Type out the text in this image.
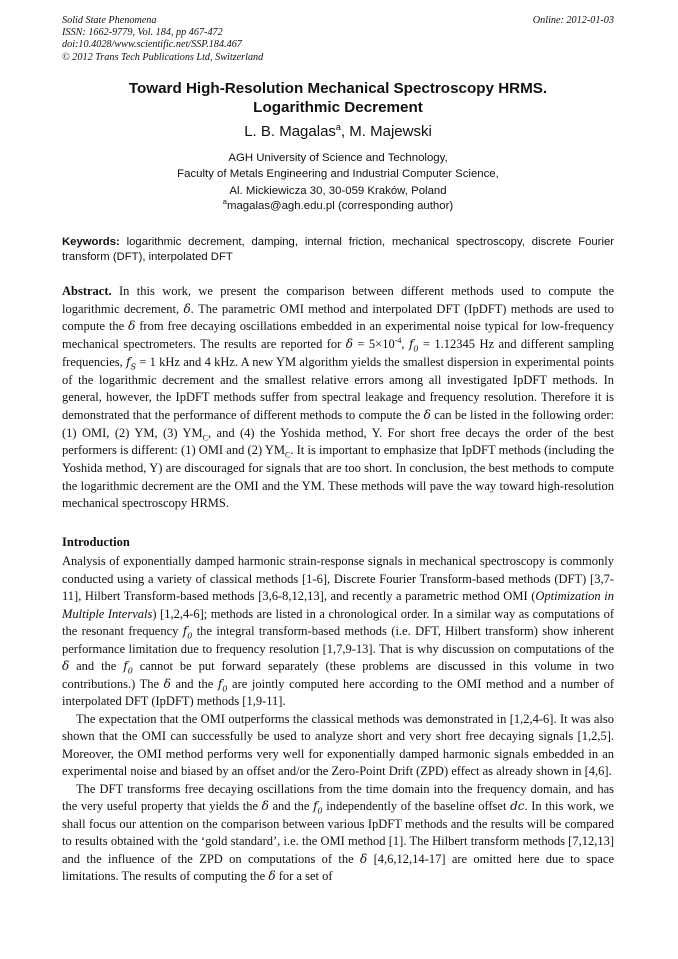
Solid State Phenomena
ISSN: 1662-9779, Vol. 184, pp 467-472
doi:10.4028/www.scientific.net/SSP.184.467
© 2012 Trans Tech Publications Ltd, Switzerland
Online: 2012-01-03
Toward High-Resolution Mechanical Spectroscopy HRMS.
Logarithmic Decrement
L. B. Magalas$^a$, M. Majewski
AGH University of Science and Technology,
Faculty of Metals Engineering and Industrial Computer Science,
Al. Mickiewicza 30, 30-059 Kraków, Poland
$^a$magalas@agh.edu.pl (corresponding author)
Keywords: logarithmic decrement, damping, internal friction, mechanical spectroscopy, discrete Fourier transform (DFT), interpolated DFT
Abstract. In this work, we present the comparison between different methods used to compute the logarithmic decrement, δ. The parametric OMI method and interpolated DFT (IpDFT) methods are used to compute the δ from free decaying oscillations embedded in an experimental noise typical for low-frequency mechanical spectrometers. The results are reported for $\delta = 5\times 10^{-4}$, $f_0 = 1.12345$ Hz and different sampling frequencies, $f_S = 1$ kHz and 4 kHz. A new YM algorithm yields the smallest dispersion in experimental points of the logarithmic decrement and the smallest relative errors among all investigated IpDFT methods. In general, however, the IpDFT methods suffer from spectral leakage and frequency resolution. Therefore it is demonstrated that the performance of different methods to compute the δ can be listed in the following order: (1) OMI, (2) YM, (3) $YM_C$, and (4) the Yoshida method, Y. For short free decays the order of the best performers is different: (1) OMI and (2) $YM_C$. It is important to emphasize that IpDFT methods (including the Yoshida method, Y) are discouraged for signals that are too short. In conclusion, the best methods to compute the logarithmic decrement are the OMI and the YM. These methods will pave the way toward high-resolution mechanical spectroscopy HRMS.
Introduction

Analysis of exponentially damped harmonic strain-response signals in mechanical spectroscopy is commonly conducted using a variety of classical methods [1-6], Discrete Fourier Transform-based methods (DFT) [3,7-11], Hilbert Transform-based methods [3,6-8,12,13], and recently a parametric method OMI (Optimization in Multiple Intervals) [1,2,4-6]; methods are listed in a chronological order. In a similar way as computations of the resonant frequency $f_0$ the integral transform-based methods (i.e. DFT, Hilbert transform) show inherent performance limitation due to frequency resolution [1,7,9-13]. That is why discussion on computations of the δ and the $f_0$ cannot be put forward separately (these problems are discussed in this volume in two contributions.) The δ and the $f_0$ are jointly computed here according to the OMI method and a number of interpolated DFT (IpDFT) methods [1,9-11].

The expectation that the OMI outperforms the classical methods was demonstrated in [1,2,4-6]. It was also shown that the OMI can successfully be used to analyze short and very short free decaying signals [1,2,5]. Moreover, the OMI method performs very well for exponentially damped harmonic signals embedded in an experimental noise and biased by an offset and/or the Zero-Point Drift (ZPD) effect as already shown in [4,6].

The DFT transforms free decaying oscillations from the time domain into the frequency domain, and has the very useful property that yields the δ and the $f_0$ independently of the baseline offset dc. In this work, we shall focus our attention on the comparison between various IpDFT methods and the results will be compared to results obtained with the ‘gold standard’, i.e. the OMI method [1]. The Hilbert transform methods [7,12,13] and the influence of the ZPD on computations of the δ [4,6,12,14-17] are omitted here due to space limitations. The results of computing the δ for a set of
